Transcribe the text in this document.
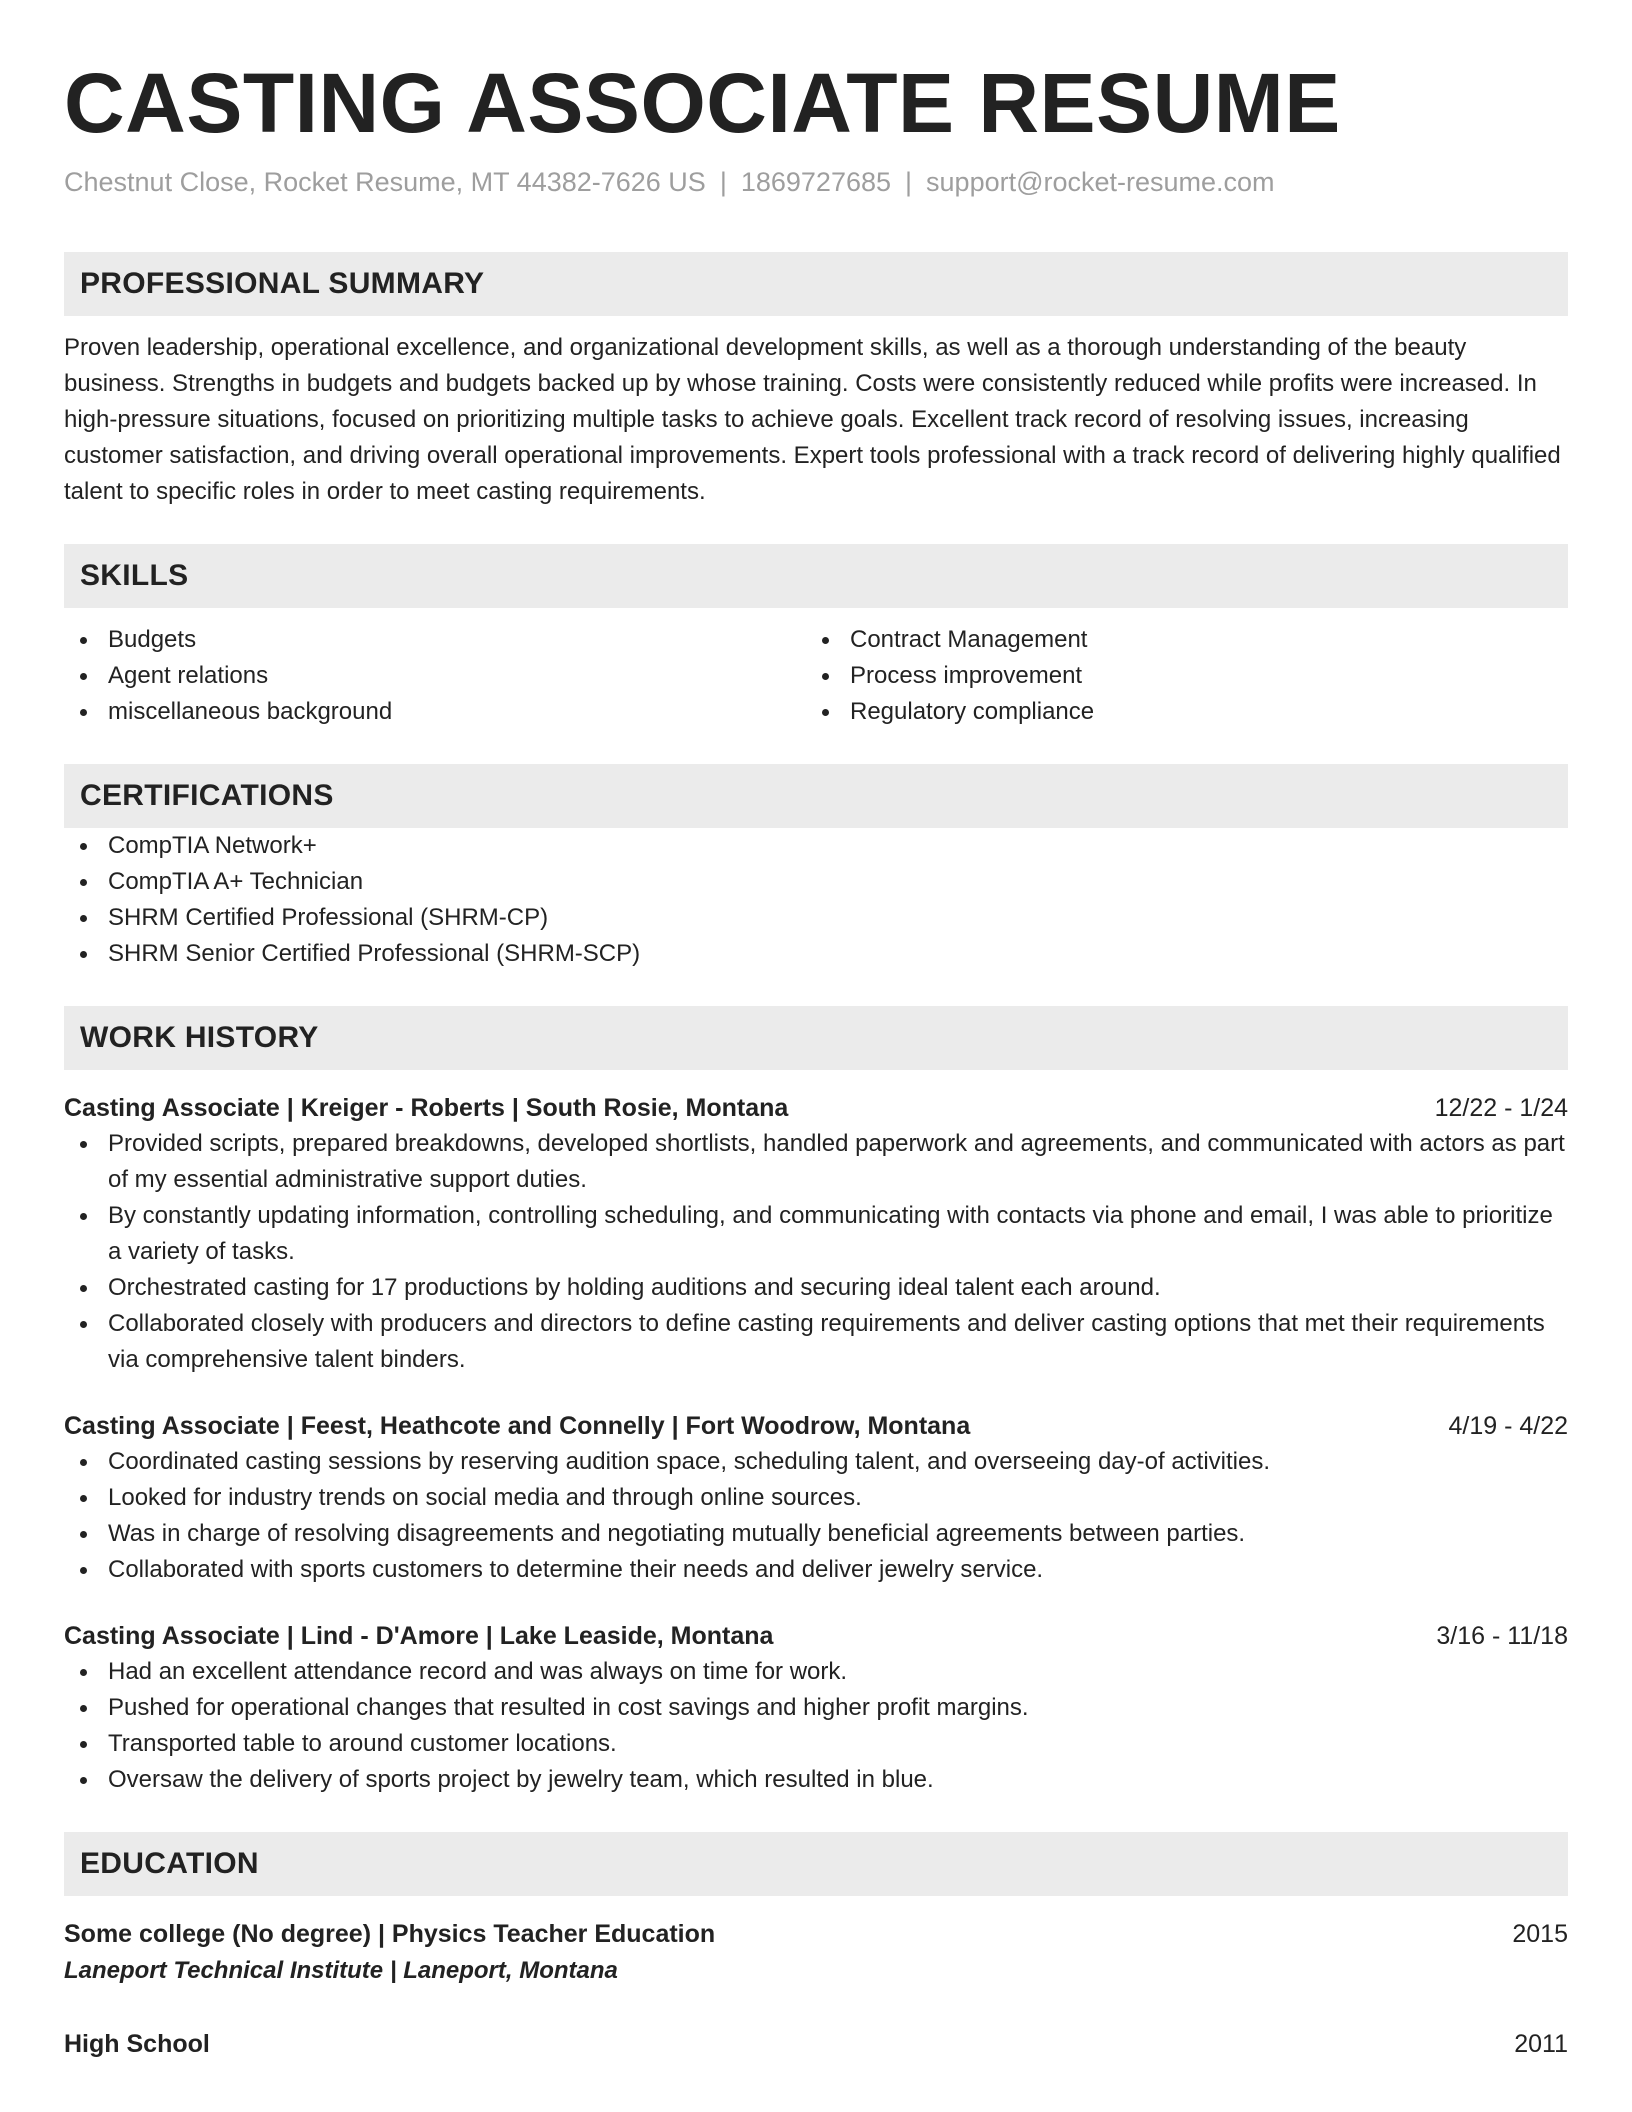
CASTING ASSOCIATE RESUME
Chestnut Close, Rocket Resume, MT 44382-7626 US | 1869727685 | support@rocket-resume.com
PROFESSIONAL SUMMARY

Proven leadership, operational excellence, and organizational development skills, as well as a thorough understanding of the beauty business. Strengths in budgets and budgets backed up by whose training. Costs were consistently reduced while profits were increased. In high-pressure situations, focused on prioritizing multiple tasks to achieve goals. Excellent track record of resolving issues, increasing customer satisfaction, and driving overall operational improvements. Expert tools professional with a track record of delivering highly qualified talent to specific roles in order to meet casting requirements.

SKILLS
Budgets
Agent relations
miscellaneous background
Contract Management
Process improvement
Regulatory compliance
CERTIFICATIONS
CompTIA Network+
CompTIA A+ Technician
SHRM Certified Professional (SHRM-CP)
SHRM Senior Certified Professional (SHRM-SCP)
WORK HISTORY
Casting Associate | Kreiger - Roberts | South Rosie, Montana	12/22 - 1/24
Provided scripts, prepared breakdowns, developed shortlists, handled paperwork and agreements, and communicated with actors as part of my essential administrative support duties.
By constantly updating information, controlling scheduling, and communicating with contacts via phone and email, I was able to prioritize a variety of tasks.
Orchestrated casting for 17 productions by holding auditions and securing ideal talent each around.
Collaborated closely with producers and directors to define casting requirements and deliver casting options that met their requirements via comprehensive talent binders.
Casting Associate | Feest, Heathcote and Connelly | Fort Woodrow, Montana	4/19 - 4/22
Coordinated casting sessions by reserving audition space, scheduling talent, and overseeing day-of activities.
Looked for industry trends on social media and through online sources.
Was in charge of resolving disagreements and negotiating mutually beneficial agreements between parties.
Collaborated with sports customers to determine their needs and deliver jewelry service.
Casting Associate | Lind - D'Amore | Lake Leaside, Montana	3/16 - 11/18
Had an excellent attendance record and was always on time for work.
Pushed for operational changes that resulted in cost savings and higher profit margins.
Transported table to around customer locations.
Oversaw the delivery of sports project by jewelry team, which resulted in blue.
EDUCATION
Some college (No degree) | Physics Teacher Education	2015
Laneport Technical Institute | Laneport, Montana
High School	2011
